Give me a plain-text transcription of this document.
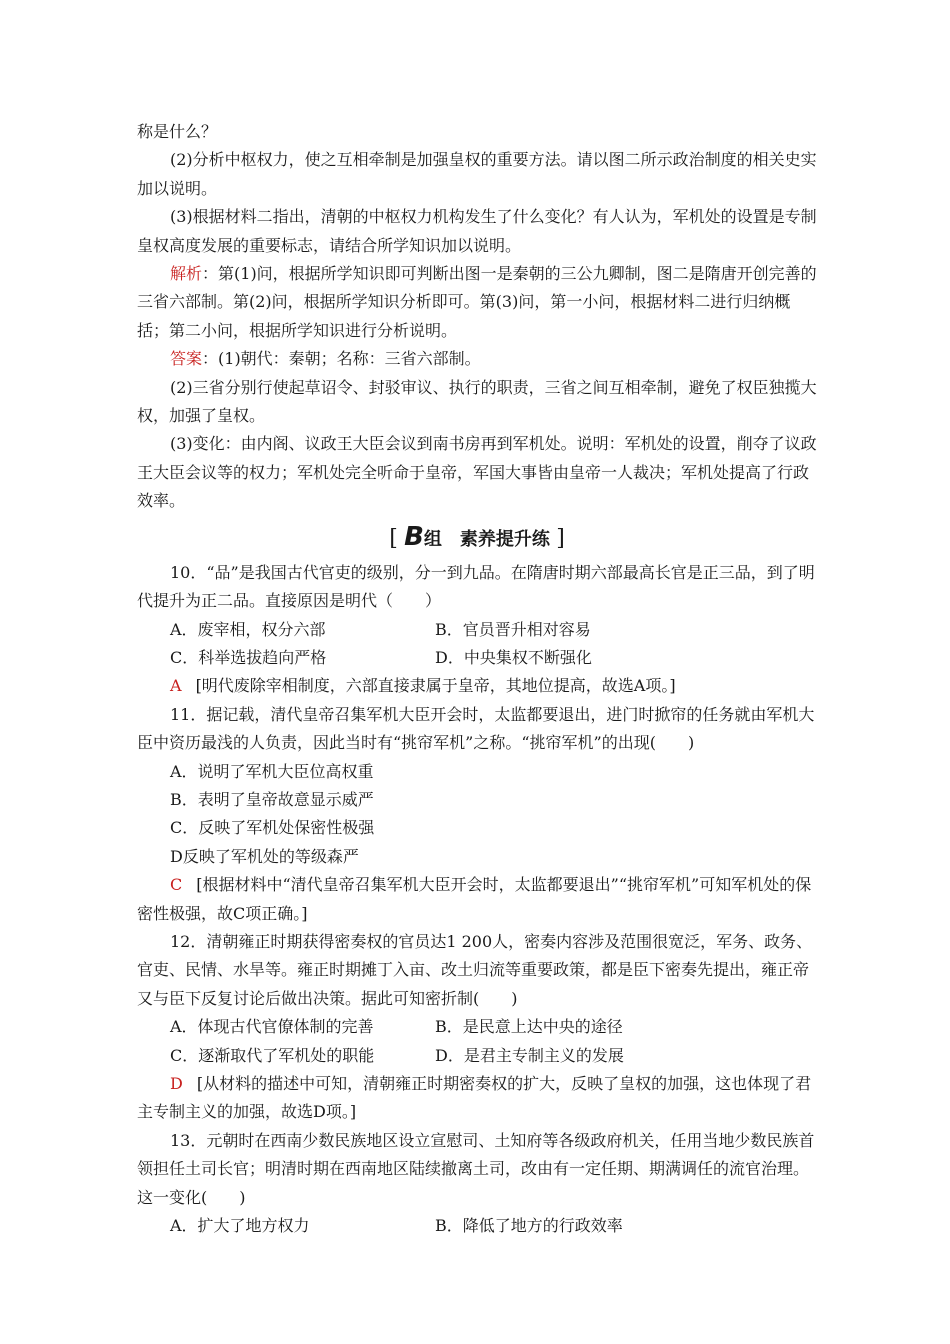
称是什么？

(2)分析中枢权力，使之互相牵制是加强皇权的重要方法。请以图二所示政治制度的相关史实加以说明。

(3)根据材料二指出，清朝的中枢权力机构发生了什么变化？有人认为，军机处的设置是专制皇权高度发展的重要标志，请结合所学知识加以说明。

解析：第(1)问，根据所学知识即可判断出图一是秦朝的三公九卿制，图二是隋唐开创完善的三省六部制。第(2)问，根据所学知识分析即可。第(3)问，第一小问，根据材料二进行归纳概括；第二小问，根据所学知识进行分析说明。

答案：(1)朝代：秦朝；名称：三省六部制。

(2)三省分别行使起草诏令、封驳审议、执行的职责，三省之间互相牵制，避免了权臣独揽大权，加强了皇权。

(3)变化：由内阁、议政王大臣会议到南书房再到军机处。说明：军机处的设置，削夺了议政王大臣会议等的权力；军机处完全听命于皇帝，军国大事皆由皇帝一人裁决；军机处提高了行政效率。

[ B组　素养提升练 ]

10．“品”是我国古代官吏的级别，分一到九品。在隋唐时期六部最高长官是正三品，到了明代提升为正二品。直接原因是明代（　　）

A．废宰相，权分六部	B．官员晋升相对容易
C．科举选拔趋向严格	D．中央集权不断强化

A [明代废除宰相制度，六部直接隶属于皇帝，其地位提高，故选A项。]

11．据记载，清代皇帝召集军机大臣开会时，太监都要退出，进门时掀帘的任务就由军机大臣中资历最浅的人负责，因此当时有“挑帘军机”之称。“挑帘军机”的出现(　　)

A．说明了军机大臣位高权重

B．表明了皇帝故意显示威严

C．反映了军机处保密性极强

D反映了军机处的等级森严

C [根据材料中“清代皇帝召集军机大臣开会时，太监都要退出”“挑帘军机”可知军机处的保密性极强，故C项正确。]

12．清朝雍正时期获得密奏权的官员达1 200人，密奏内容涉及范围很宽泛，军务、政务、官吏、民情、水旱等。雍正时期摊丁入亩、改土归流等重要政策，都是臣下密奏先提出，雍正帝又与臣下反复讨论后做出决策。据此可知密折制(　　)

A．体现古代官僚体制的完善	B．是民意上达中央的途径
C．逐渐取代了军机处的职能	D．是君主专制主义的发展

D [从材料的描述中可知，清朝雍正时期密奏权的扩大，反映了皇权的加强，这也体现了君主专制主义的加强，故选D项。]

13．元朝时在西南少数民族地区设立宣慰司、土知府等各级政府机关，任用当地少数民族首领担任土司长官；明清时期在西南地区陆续撤离土司，改由有一定任期、期满调任的流官治理。这一变化(　　)

A．扩大了地方权力	B．降低了地方的行政效率
